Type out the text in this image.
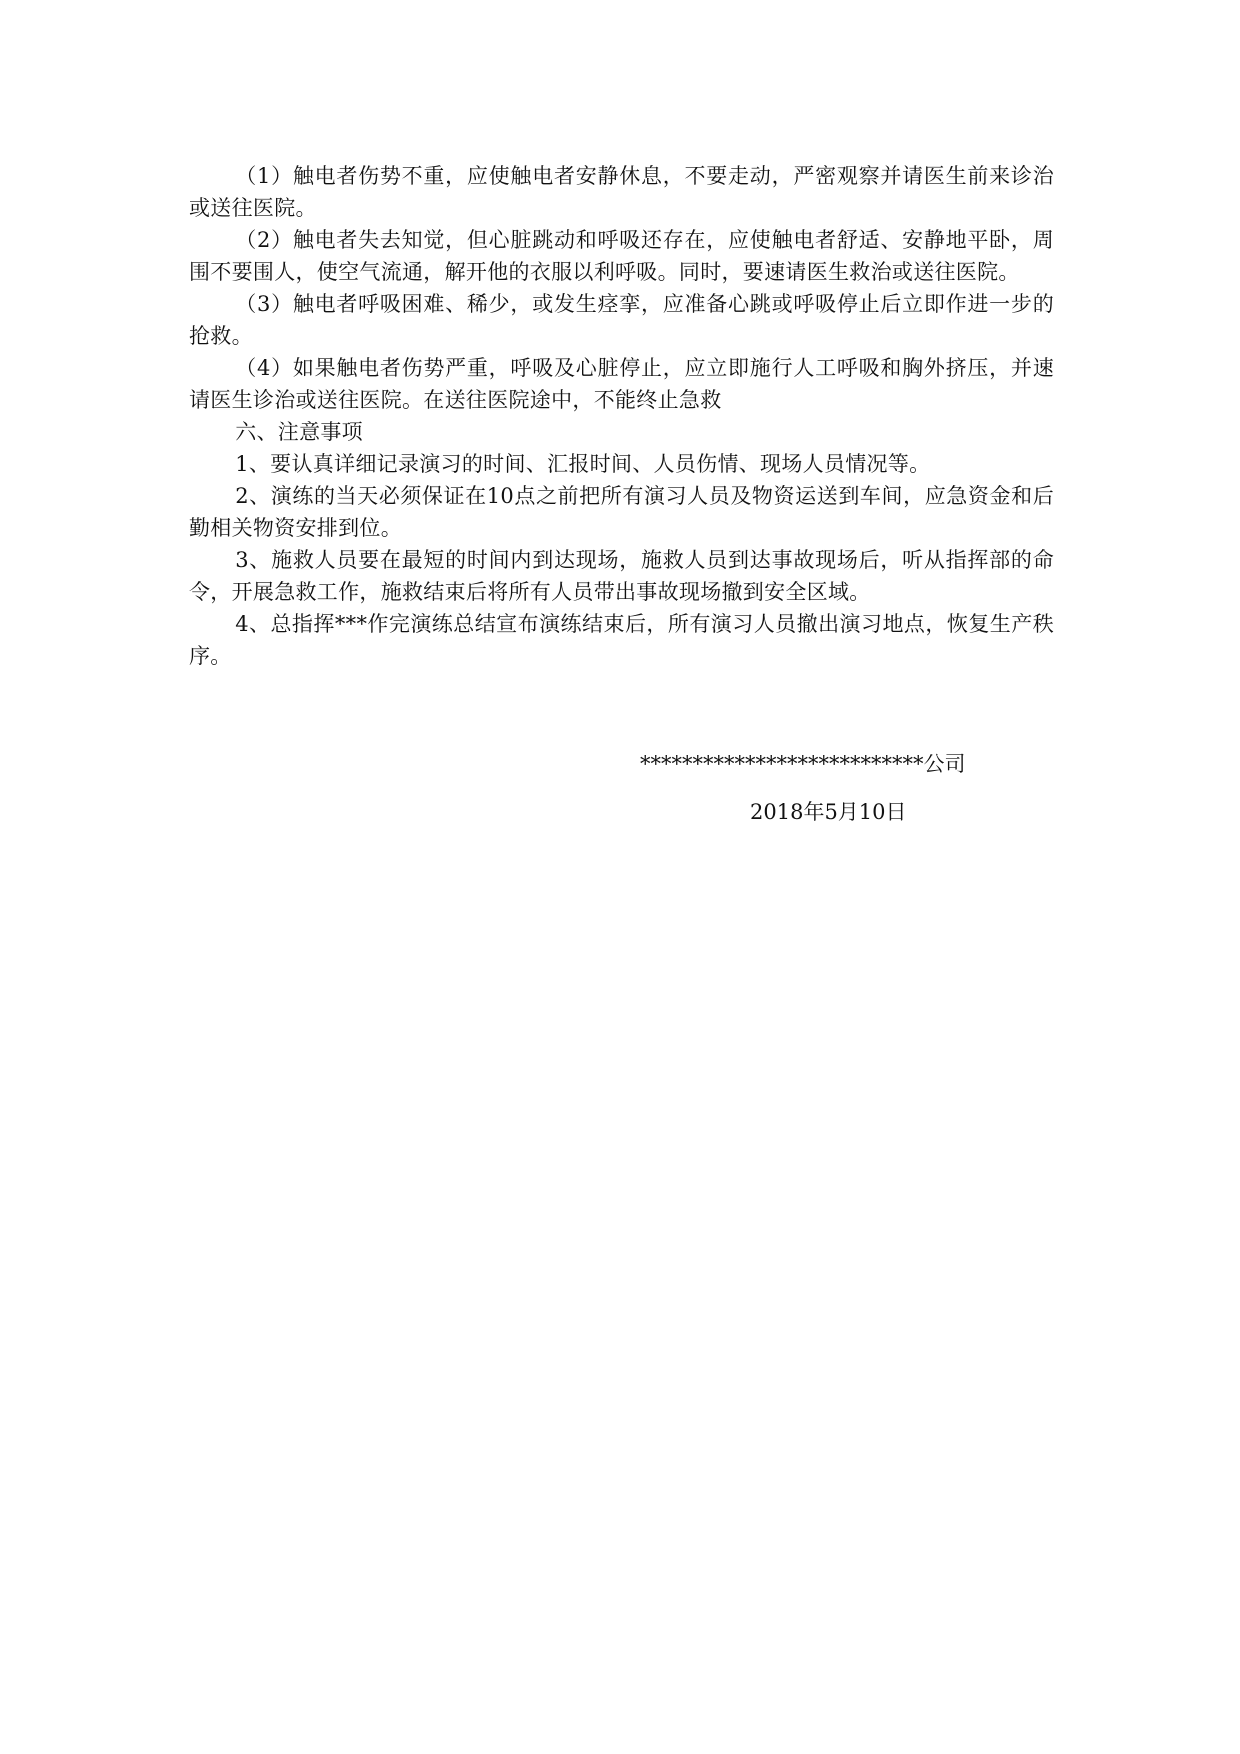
（1）触电者伤势不重，应使触电者安静休息，不要走动，严密观察并请医生前来诊治或送往医院。

（2）触电者失去知觉，但心脏跳动和呼吸还存在，应使触电者舒适、安静地平卧，周围不要围人，使空气流通，解开他的衣服以利呼吸。同时，要速请医生救治或送往医院。

（3）触电者呼吸困难、稀少，或发生痉挛，应准备心跳或呼吸停止后立即作进一步的抢救。

（4）如果触电者伤势严重，呼吸及心脏停止，应立即施行人工呼吸和胸外挤压，并速请医生诊治或送往医院。在送往医院途中，不能终止急救

六、注意事项

1、要认真详细记录演习的时间、汇报时间、人员伤情、现场人员情况等。

2、演练的当天必须保证在10点之前把所有演习人员及物资运送到车间，应急资金和后勤相关物资安排到位。

3、施救人员要在最短的时间内到达现场，施救人员到达事故现场后，听从指挥部的命令，开展急救工作，施救结束后将所有人员带出事故现场撤到安全区域。

4、总指挥***作完演练总结宣布演练结束后，所有演习人员撤出演习地点，恢复生产秩序。

***************************公司
2018年5月10日
